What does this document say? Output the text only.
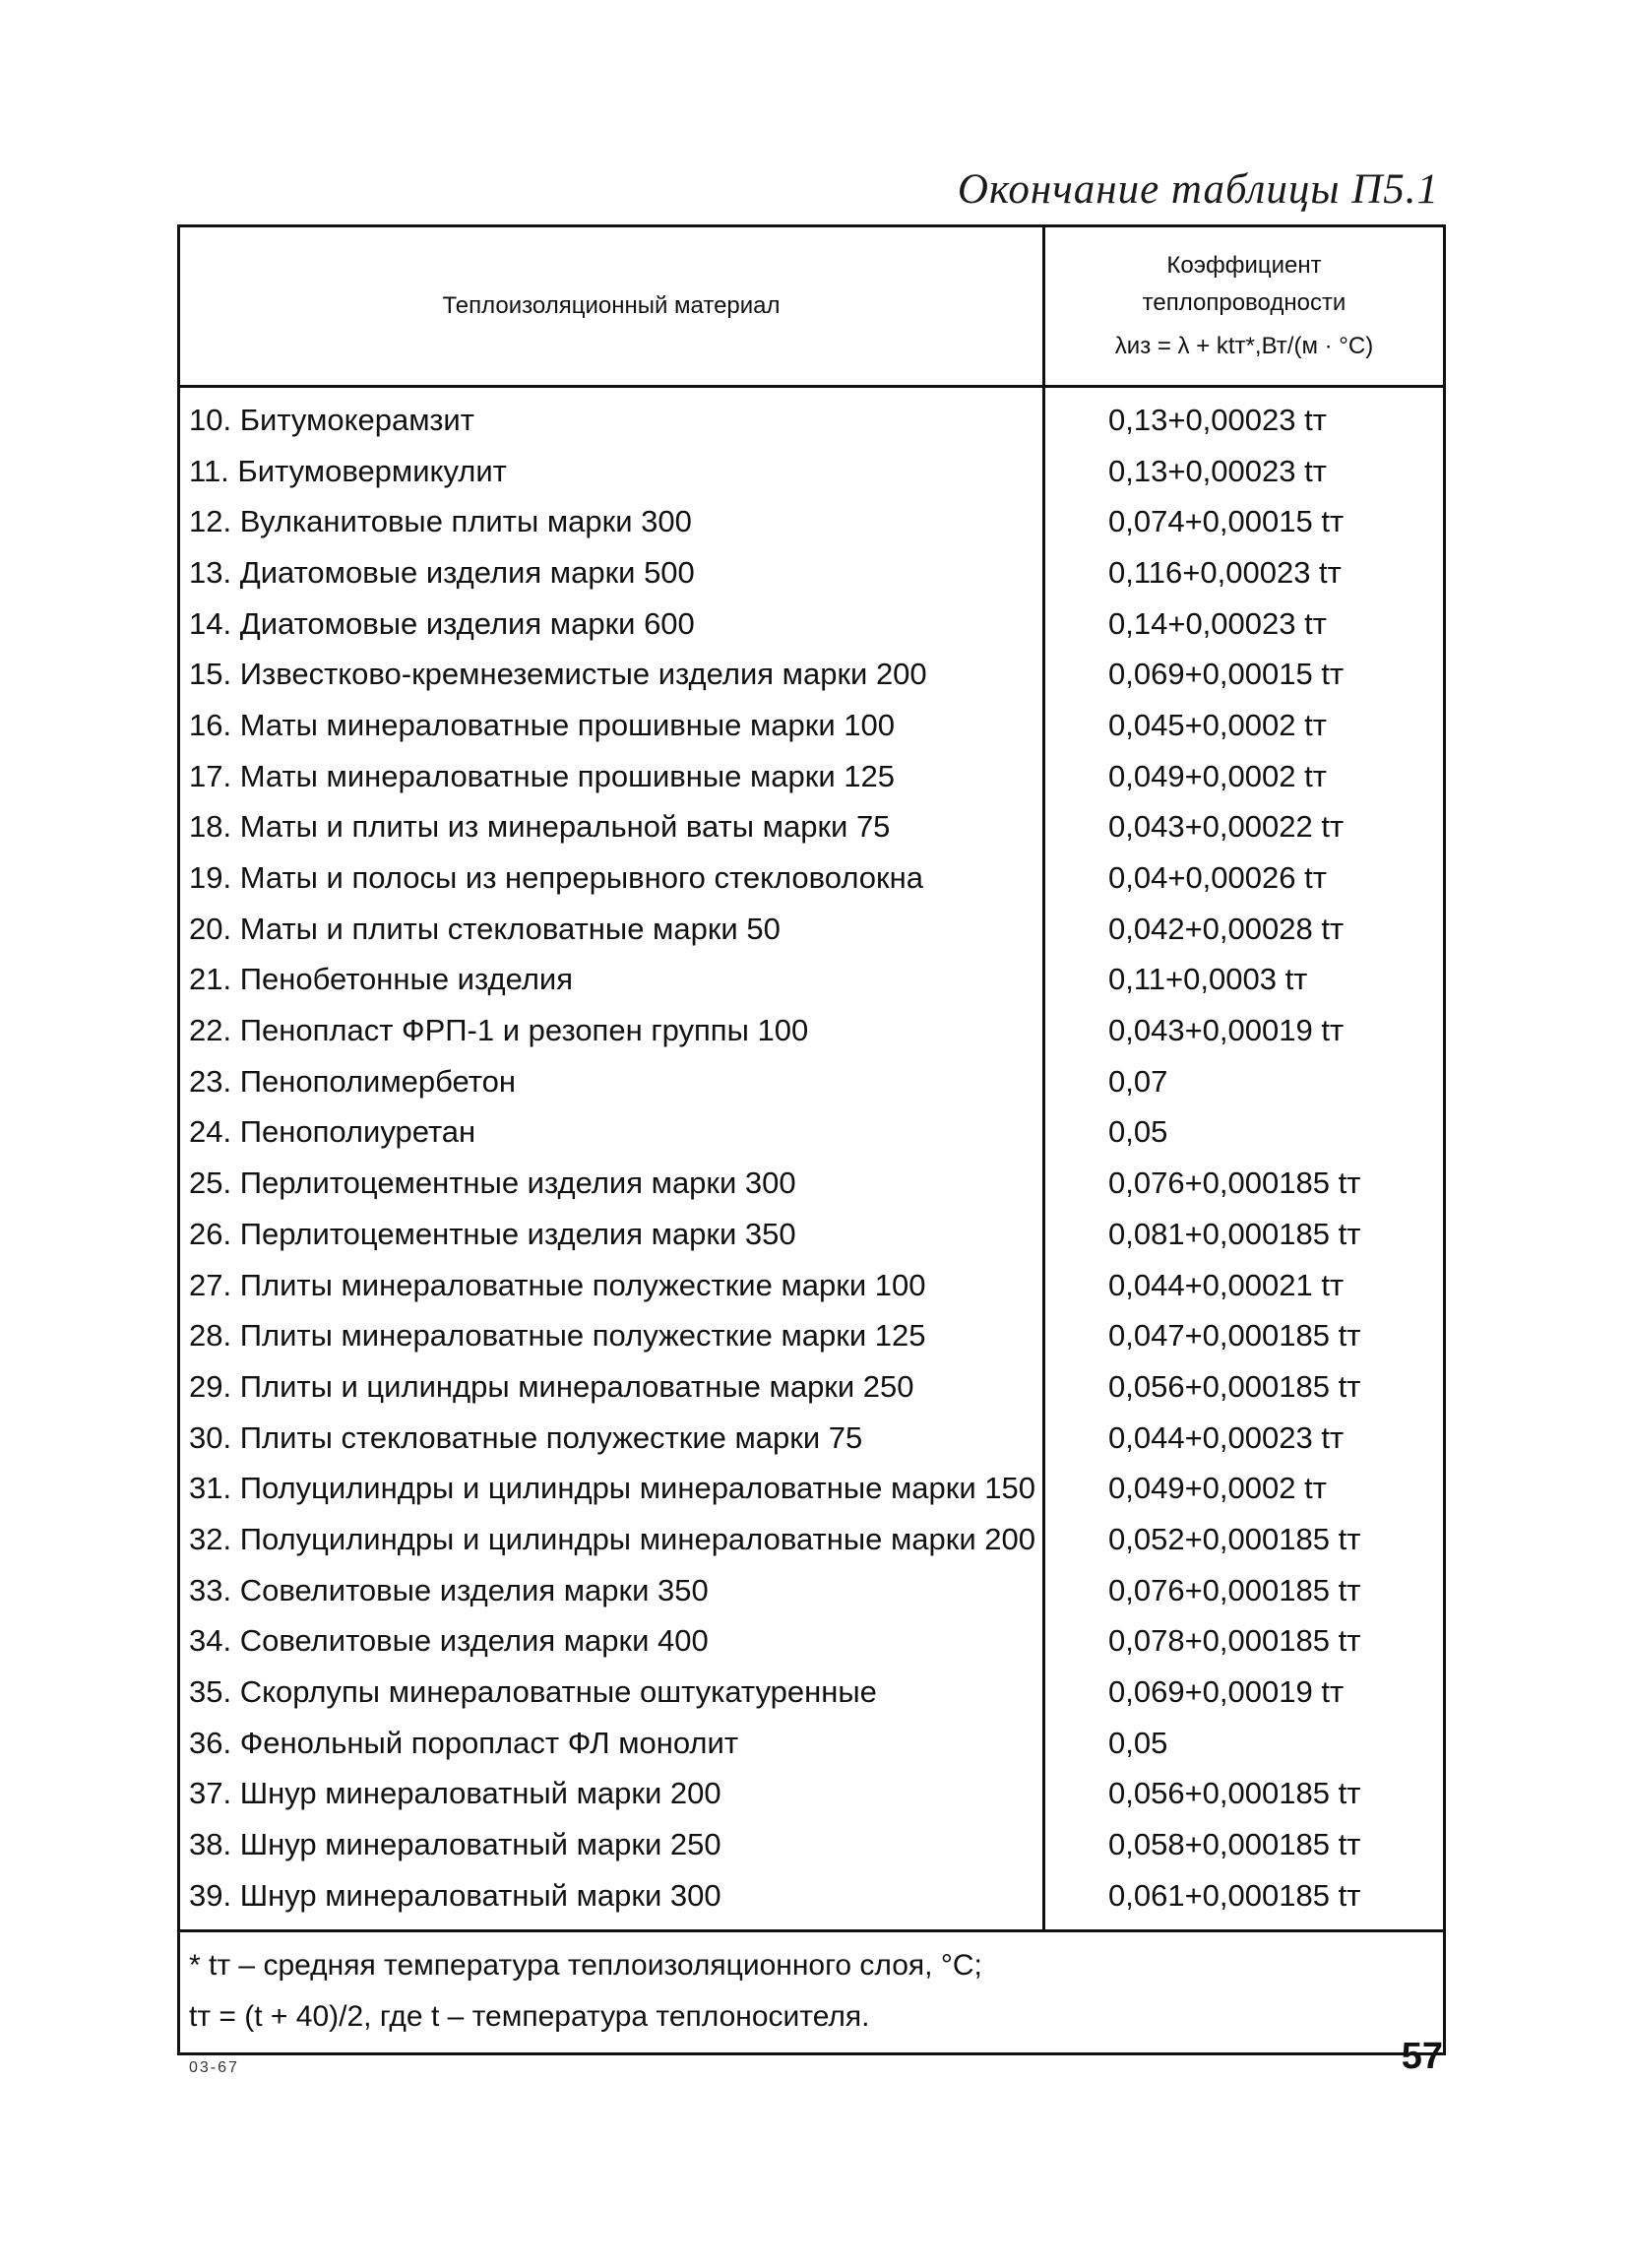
Окончание таблицы П5.1
Теплоизоляционный материал
Коэффициент
теплопроводности
λиз = λ + ktт*,Вт/(м · °С)
10. Битумокерамзит
11. Битумовермикулит
12. Вулканитовые плиты марки 300
13. Диатомовые изделия марки 500
14. Диатомовые изделия марки 600
15. Известково-кремнеземистые изделия марки 200
16. Маты минераловатные прошивные марки 100
17. Маты минераловатные прошивные марки 125
18. Маты и плиты из минеральной ваты марки 75
19. Маты и полосы из непрерывного стекловолокна
20. Маты и плиты стекловатные марки 50
21. Пенобетонные изделия
22. Пенопласт ФРП-1 и резопен группы 100
23. Пенополимербетон
24. Пенополиуретан
25. Перлитоцементные изделия марки 300
26. Перлитоцементные изделия марки 350
27. Плиты минераловатные полужесткие марки 100
28. Плиты минераловатные полужесткие марки 125
29. Плиты и цилиндры минераловатные марки 250
30. Плиты стекловатные полужесткие марки 75
31. Полуцилиндры и цилиндры минераловатные марки 150
32. Полуцилиндры и цилиндры минераловатные марки 200
33. Совелитовые изделия марки 350
34. Совелитовые изделия марки 400
35. Скорлупы минераловатные оштукатуренные
36. Фенольный поропласт ФЛ монолит
37. Шнур минераловатный марки 200
38. Шнур минераловатный марки 250
39. Шнур минераловатный марки 300
0,13+0,00023 tт
0,13+0,00023 tт
0,074+0,00015 tт
0,116+0,00023 tт
0,14+0,00023 tт
0,069+0,00015 tт
0,045+0,0002 tт
0,049+0,0002 tт
0,043+0,00022 tт
0,04+0,00026 tт
0,042+0,00028 tт
0,11+0,0003 tт
0,043+0,00019 tт
0,07
0,05
0,076+0,000185 tт
0,081+0,000185 tт
0,044+0,00021 tт
0,047+0,000185 tт
0,056+0,000185 tт
0,044+0,00023 tт
0,049+0,0002 tт
0,052+0,000185 tт
0,076+0,000185 tт
0,078+0,000185 tт
0,069+0,00019 tт
0,05
0,056+0,000185 tт
0,058+0,000185 tт
0,061+0,000185 tт
* tт – средняя температура теплоизоляционного слоя, °С;
tт = (t + 40)/2, где t – температура теплоносителя.
03-67	57
